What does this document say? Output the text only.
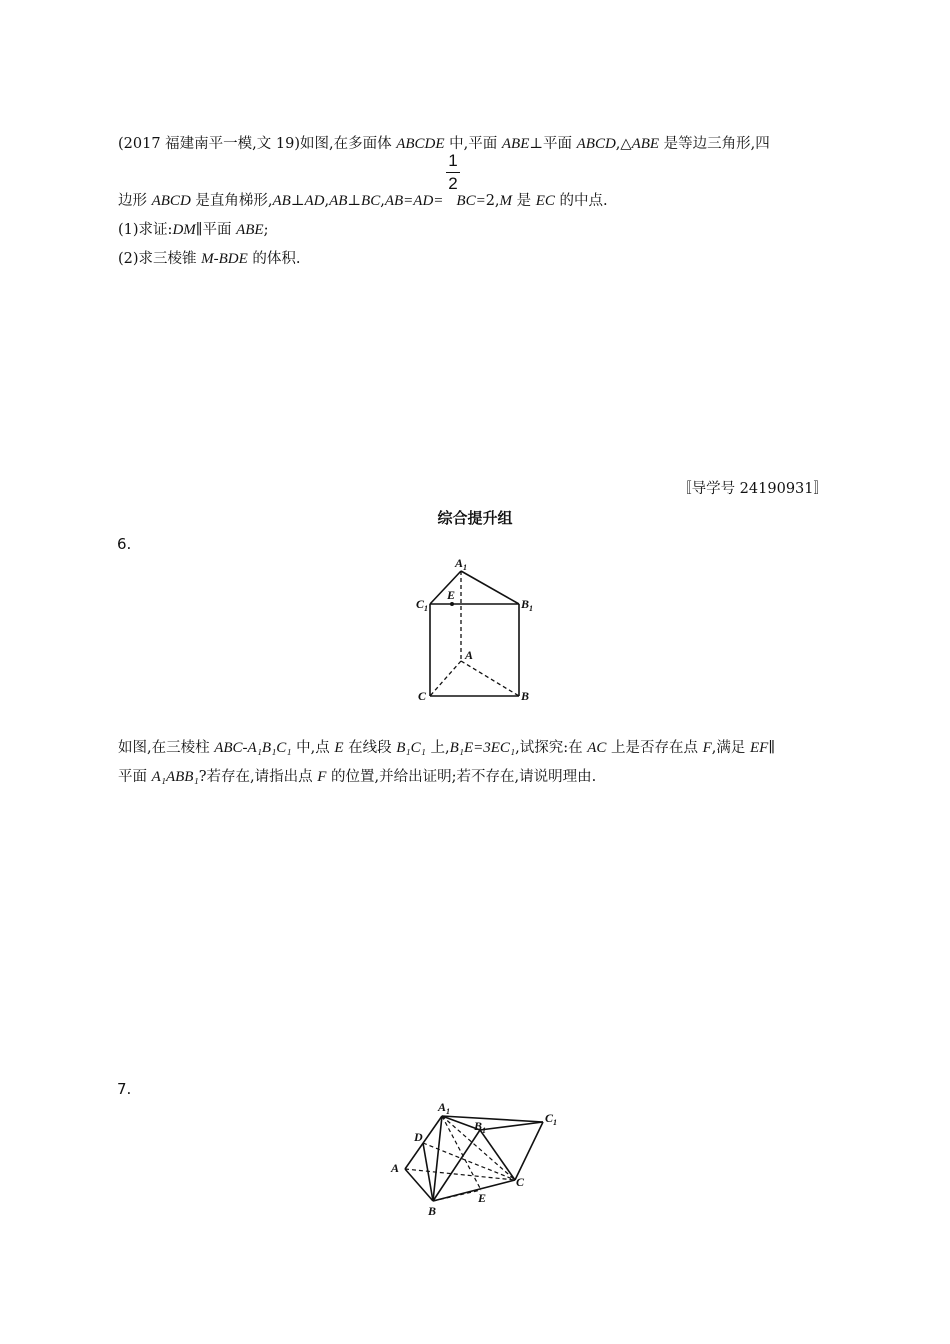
(2017 福建南平一模,文 19)如图,在多面体 ABCDE 中,平面 ABE⊥平面 ABCD,△ABE 是等边三角形,四
1
2
边形 ABCD 是直角梯形,AB⊥AD,AB⊥BC,AB=AD= BC=2,M 是 EC 的中点.
(1)求证:DM∥平面 ABE;
(2)求三棱锥 M-BDE 的体积.
〚导学号 24190931〛
综合提升组
6.
$A_1$
$C_1$
E
$B_1$
A
C	B
如图,在三棱柱 ABC-A₁B₁C₁ 中,点 E 在线段 B₁C₁ 上,B₁E=3EC₁,试探究:在 AC 上是否存在点 F,满足 EF∥
平面 A₁ABB₁?若存在,请指出点 F 的位置,并给出证明;若不存在,请说明理由.
7.
$A_1$	$C_1$
$B_1$
D
A
C
E
B
